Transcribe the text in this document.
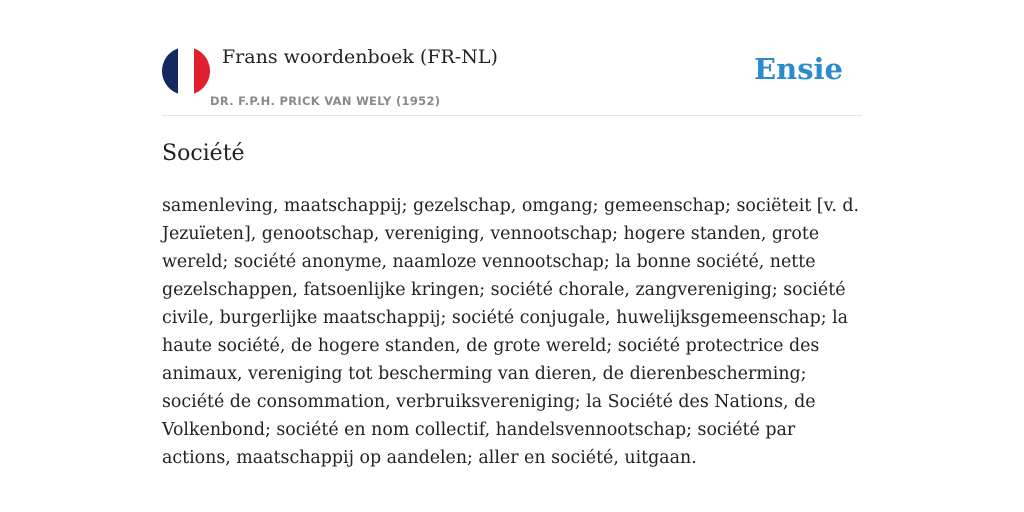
Frans woordenboek (FR-NL)
DR. F.P.H. PRICK VAN WELY (1952)
Ensie
Société

samenleving, maatschappij; gezelschap, omgang; gemeenschap; sociëteit [v. d. Jezuïeten], genootschap, vereniging, vennootschap; hogere standen, grote wereld; société anonyme, naamloze vennootschap; la bonne société, nette gezelschappen, fatsoenlijke kringen; société chorale, zangvereniging; société civile, burgerlijke maatschappij; société conjugale, huwelijksgemeenschap; la haute société, de hogere standen, de grote wereld; société protectrice des animaux, vereniging tot bescherming van dieren, de dierenbescherming; société de consommation, verbruiksvereniging; la Société des Nations, de Volkenbond; société en nom collectif, handelsvennootschap; société par actions, maatschappij op aandelen; aller en société, uitgaan.
